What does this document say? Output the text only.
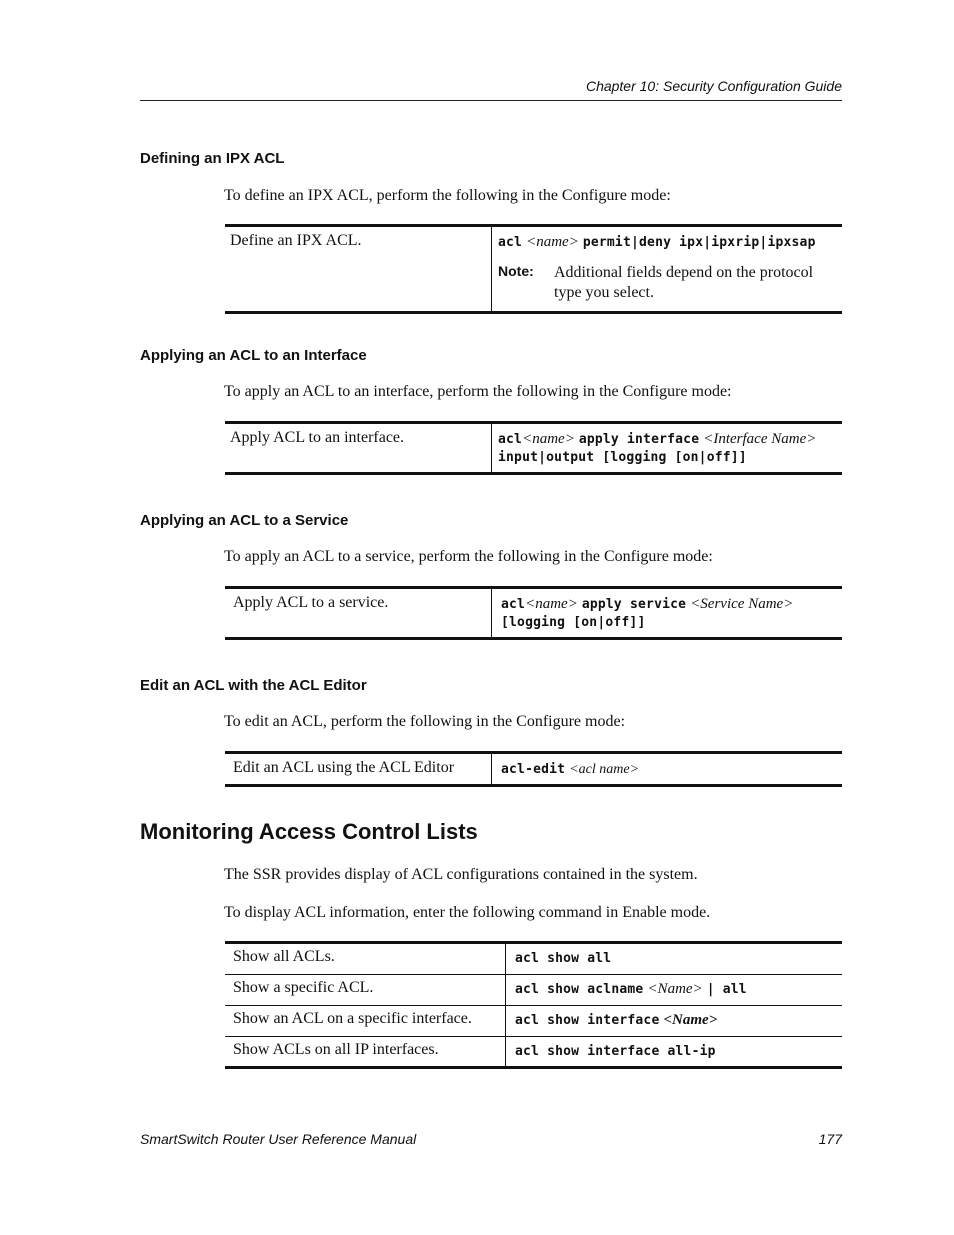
Chapter 10: Security Configuration Guide
Defining an IPX ACL
To define an IPX ACL, perform the following in the Configure mode:
Define an IPX ACL.	acl <name> permit|deny ipx|ipxrip|ipxsap
Note:	Additional fields depend on the protocol type you select.
Applying an ACL to an Interface
To apply an ACL to an interface, perform the following in the Configure mode:
Apply ACL to an interface.	acl<name> apply interface <Interface Name>
input|output [logging [on|off]]
Applying an ACL to a Service
To apply an ACL to a service, perform the following in the Configure mode:
Apply ACL to a service.	acl<name> apply service <Service Name>
[logging [on|off]]
Edit an ACL with the ACL Editor
To edit an ACL, perform the following in the Configure mode:
Edit an ACL using the ACL Editor	acl-edit <acl name>
Monitoring Access Control Lists
The SSR provides display of ACL configurations contained in the system.
To display ACL information, enter the following command in Enable mode.
Show all ACLs.	acl show all
Show a specific ACL.	acl show aclname <Name> | all
Show an ACL on a specific interface.	acl show interface <Name>
Show ACLs on all IP interfaces.	acl show interface all-ip
SmartSwitch Router User Reference Manual	177
